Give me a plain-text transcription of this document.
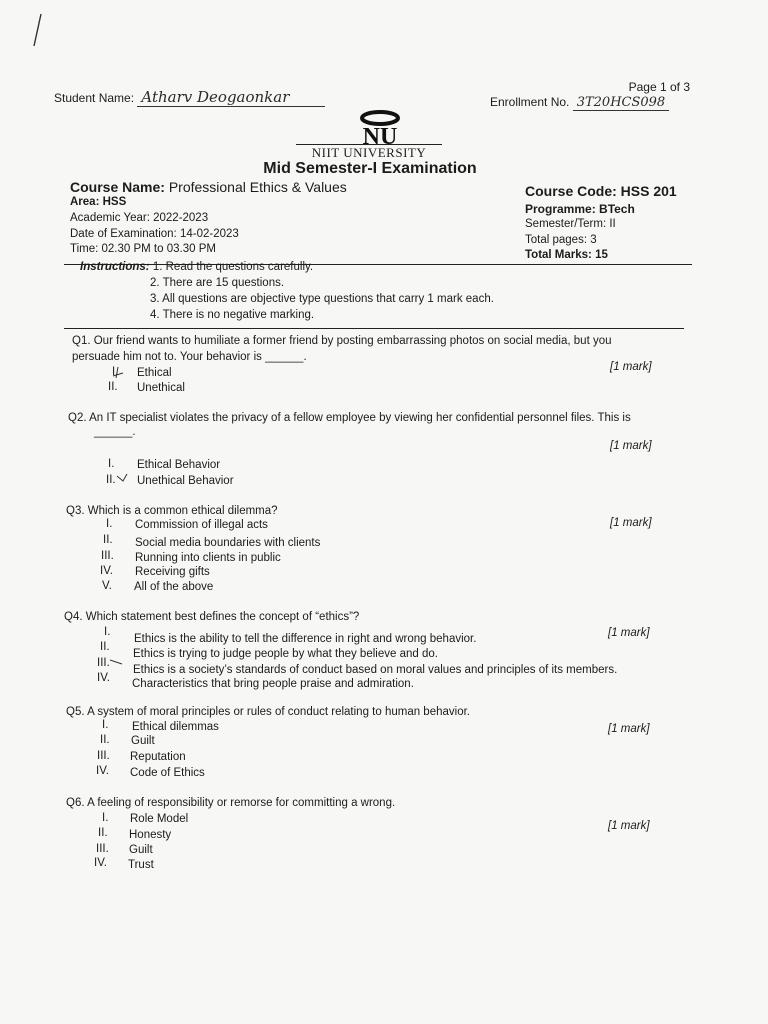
Page 1 of 3
Student Name: Atharv Deogaonkar	Enrollment No. 3T20HCS098
NU
NIIT UNIVERSITY
Mid Semester-I Examination
Course Name: Professional Ethics & Values
Area: HSS
Academic Year: 2022-2023
Date of Examination: 14-02-2023
Time: 02.30 PM to 03.30 PM
Course Code: HSS 201
Programme: BTech
Semester/Term: II
Total pages: 3
Total Marks: 15
Instructions: 1. Read the questions carefully.
2. There are 15 questions.
3. All questions are objective type questions that carry 1 mark each.
4. There is no negative marking.
Q1. Our friend wants to humiliate a former friend by posting embarrassing photos on social media, but you
persuade him not to. Your behavior is ______.
[1 mark]
I. Ethical
II. Unethical
Q2. An IT specialist violates the privacy of a fellow employee by viewing her confidential personnel files. This is
______.
[1 mark]
I. Ethical Behavior
II. Unethical Behavior
Q3. Which is a common ethical dilemma?
[1 mark]
I. Commission of illegal acts
II. Social media boundaries with clients
III. Running into clients in public
IV. Receiving gifts
V. All of the above
Q4. Which statement best defines the concept of “ethics”?
[1 mark]
I.
Ethics is the ability to tell the difference in right and wrong behavior.
II.
Ethics is trying to judge people by what they believe and do.
III.
Ethics is a society’s standards of conduct based on moral values and principles of its members.
IV. Characteristics that bring people praise and admiration.
Q5. A system of moral principles or rules of conduct relating to human behavior.
[1 mark]
I. Ethical dilemmas
II. Guilt
III. Reputation
IV. Code of Ethics
Q6. A feeling of responsibility or remorse for committing a wrong.
[1 mark]
I. Role Model
II. Honesty
III. Guilt
IV. Trust
